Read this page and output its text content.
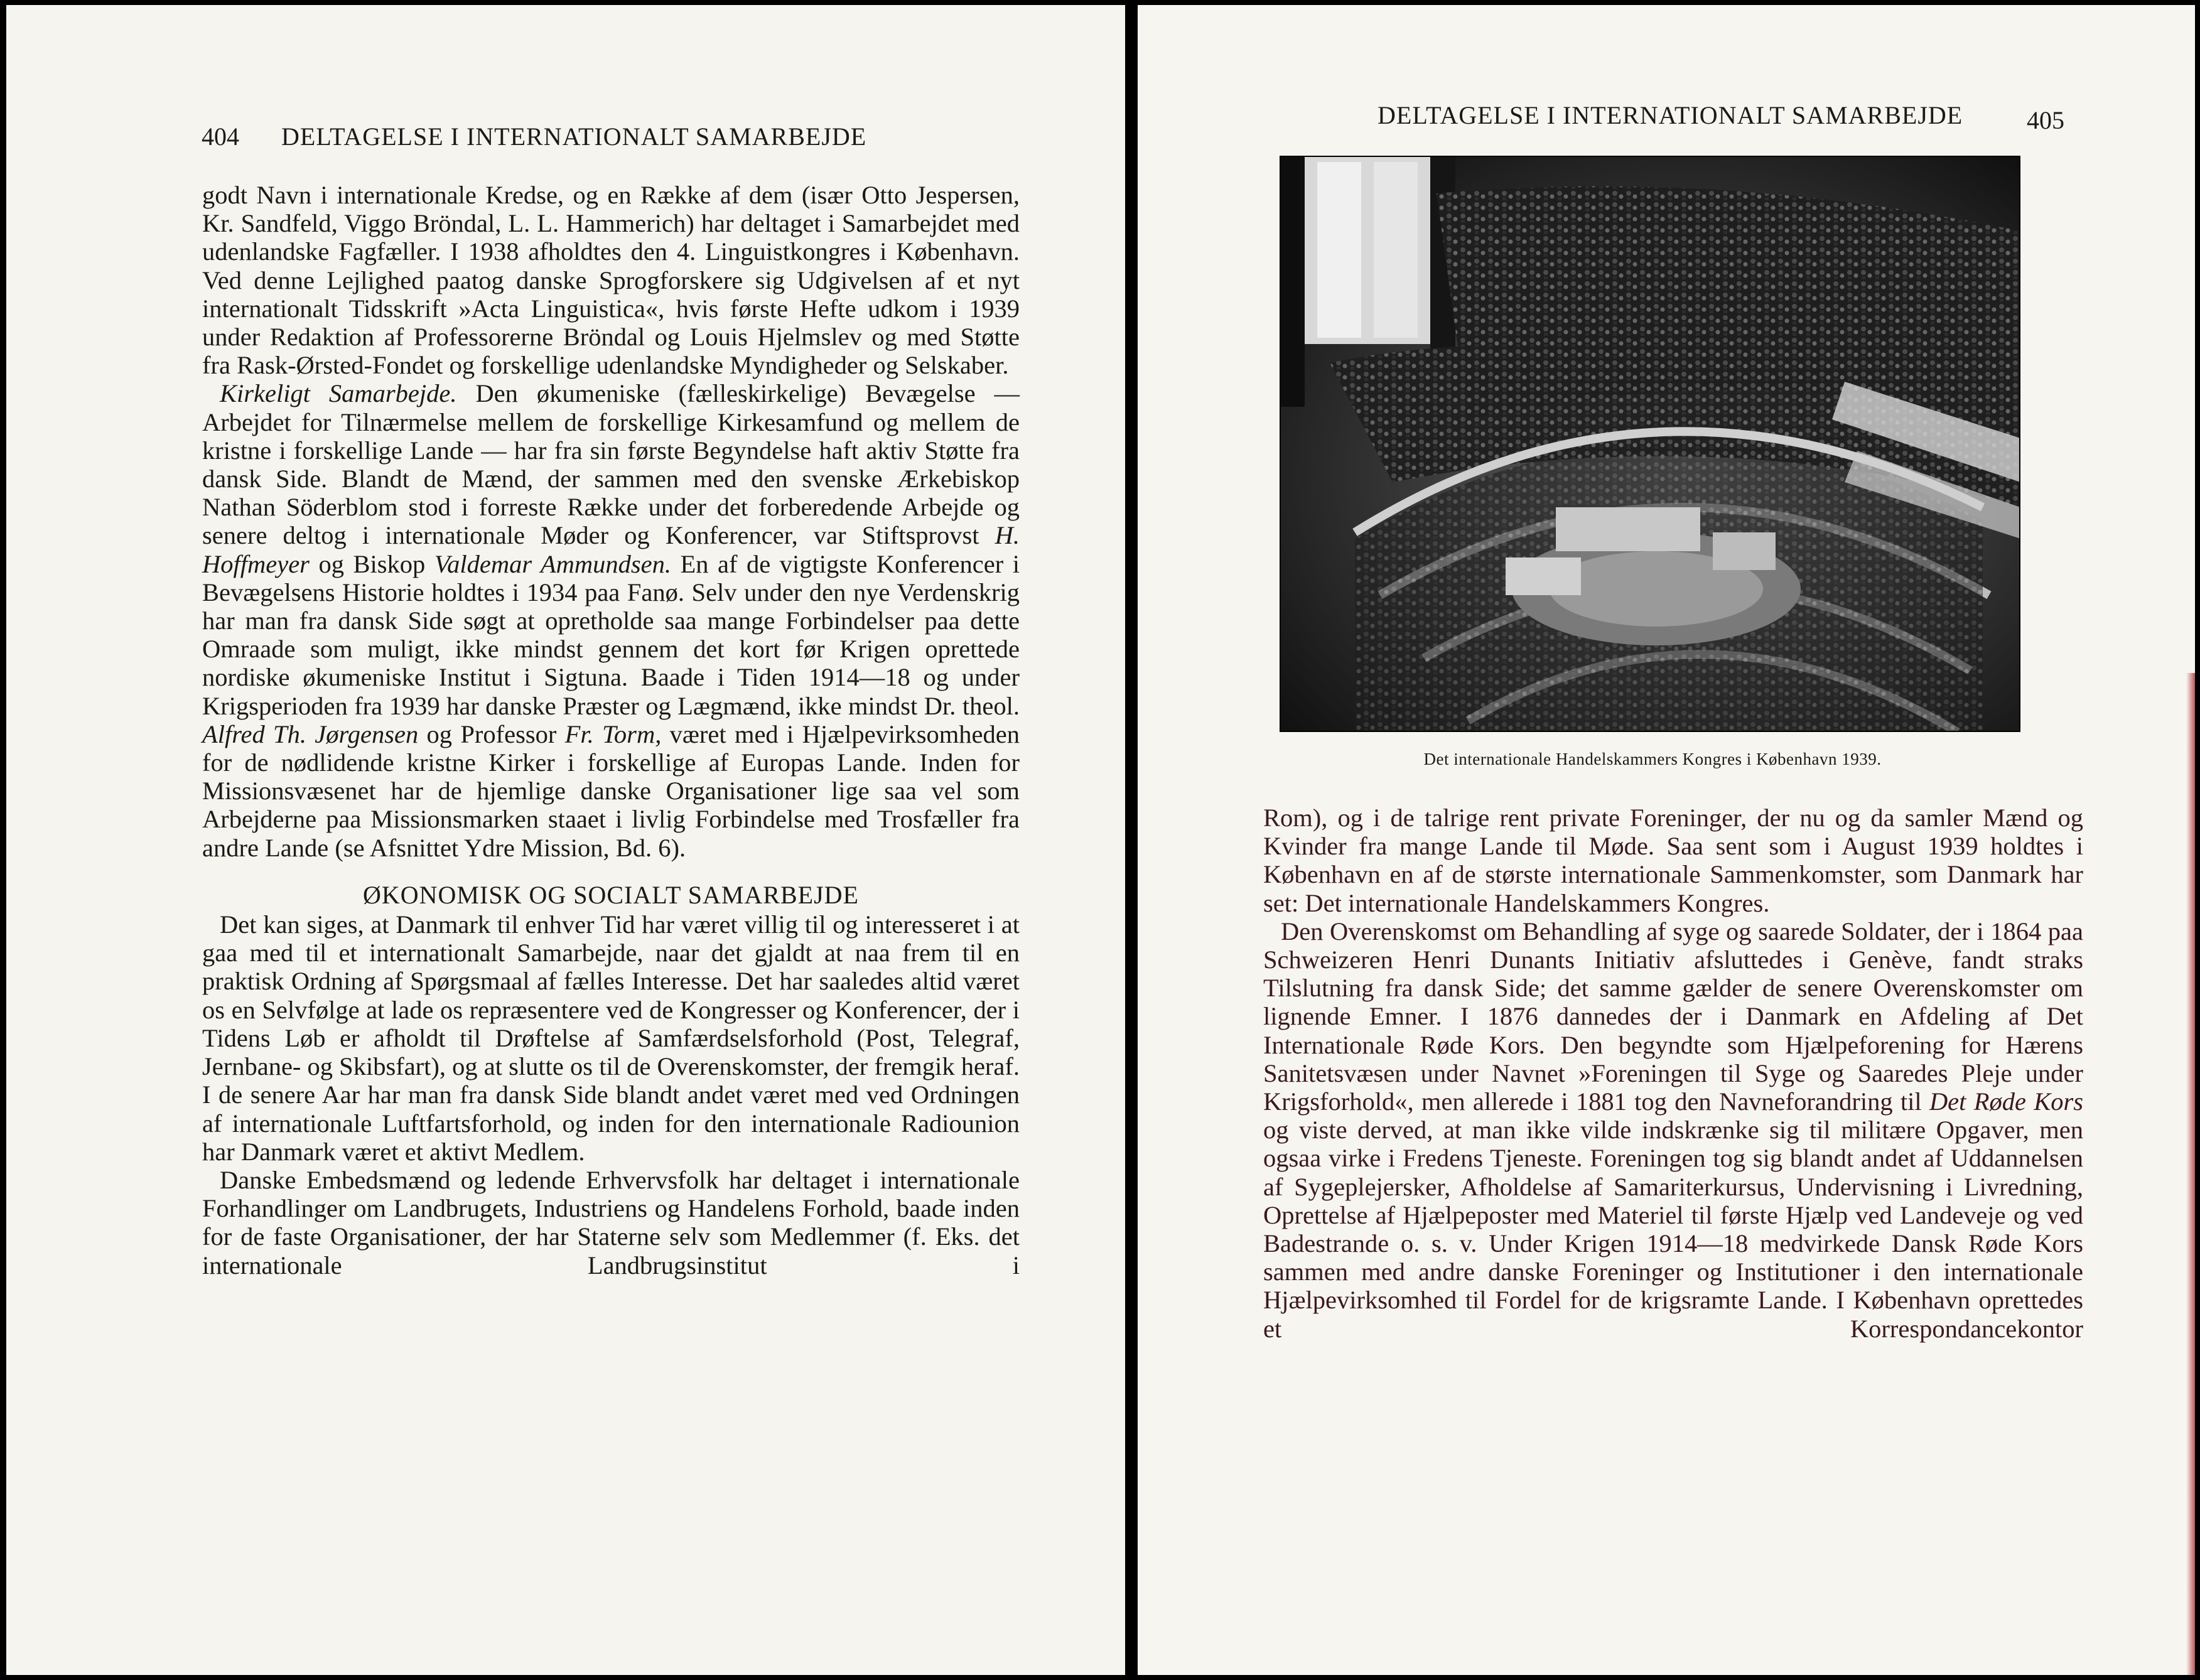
404 DELTAGELSE I INTERNATIONALT SAMARBEJDE

godt Navn i internationale Kredse, og en Række af dem (især Otto Jespersen, Kr. Sandfeld, Viggo Bröndal, L. L. Hammerich) har deltaget i Samarbejdet med udenlandske Fagfæller. I 1938 afholdtes den 4. Linguistkongres i København. Ved denne Lejlighed paatog danske Sprogforskere sig Udgivelsen af et nyt internationalt Tidsskrift »Acta Linguistica«, hvis første Hefte udkom i 1939 under Redaktion af Professorerne Bröndal og Louis Hjelmslev og med Støtte fra Rask-Ørsted-Fondet og forskellige udenlandske Myndigheder og Selskaber.

Kirkeligt Samarbejde. Den økumeniske (fælleskirkelige) Bevægelse — Arbejdet for Tilnærmelse mellem de forskellige Kirkesamfund og mellem de kristne i forskellige Lande — har fra sin første Begyndelse haft aktiv Støtte fra dansk Side. Blandt de Mænd, der sammen med den svenske Ærkebiskop Nathan Söderblom stod i forreste Række under det forberedende Arbejde og senere deltog i internationale Møder og Konferencer, var Stiftsprovst H. Hoffmeyer og Biskop Valdemar Ammundsen. En af de vigtigste Konferencer i Bevægelsens Historie holdtes i 1934 paa Fanø. Selv under den nye Verdenskrig har man fra dansk Side søgt at opretholde saa mange Forbindelser paa dette Omraade som muligt, ikke mindst gennem det kort før Krigen oprettede nordiske økumeniske Institut i Sigtuna. Baade i Tiden 1914—18 og under Krigsperioden fra 1939 har danske Præster og Lægmænd, ikke mindst Dr. theol. Alfred Th. Jørgensen og Professor Fr. Torm, været med i Hjælpevirksomheden for de nødlidende kristne Kirker i forskellige af Europas Lande. Inden for Missionsvæsenet har de hjemlige danske Organisationer lige saa vel som Arbejderne paa Missionsmarken staaet i livlig Forbindelse med Trosfæller fra andre Lande (se Afsnittet Ydre Mission, Bd. 6).

ØKONOMISK OG SOCIALT SAMARBEJDE

Det kan siges, at Danmark til enhver Tid har været villig til og interesseret i at gaa med til et internationalt Samarbejde, naar det gjaldt at naa frem til en praktisk Ordning af Spørgsmaal af fælles Interesse. Det har saaledes altid været os en Selvfølge at lade os repræsentere ved de Kongresser og Konferencer, der i Tidens Løb er afholdt til Drøftelse af Samfærdselsforhold (Post, Telegraf, Jernbane- og Skibsfart), og at slutte os til de Overenskomster, der fremgik heraf. I de senere Aar har man fra dansk Side blandt andet været med ved Ordningen af internationale Luftfartsforhold, og inden for den internationale Radiounion har Danmark været et aktivt Medlem.

Danske Embedsmænd og ledende Erhvervsfolk har deltaget i internationale Forhandlinger om Landbrugets, Industriens og Handelens Forhold, baade inden for de faste Organisationer, der har Staterne selv som Medlemmer (f. Eks. det internationale Landbrugsinstitut i

DELTAGELSE I INTERNATIONALT SAMARBEJDE	405
Det internationale Handelskammers Kongres i København 1939.

Rom), og i de talrige rent private Foreninger, der nu og da samler Mænd og Kvinder fra mange Lande til Møde. Saa sent som i August 1939 holdtes i København en af de største internationale Sammenkomster, som Danmark har set: Det internationale Handelskammers Kongres.

Den Overenskomst om Behandling af syge og saarede Soldater, der i 1864 paa Schweizeren Henri Dunants Initiativ afsluttedes i Genève, fandt straks Tilslutning fra dansk Side; det samme gælder de senere Overenskomster om lignende Emner. I 1876 dannedes der i Danmark en Afdeling af Det Internationale Røde Kors. Den begyndte som Hjælpeforening for Hærens Sanitetsvæsen under Navnet »Foreningen til Syge og Saaredes Pleje under Krigsforhold«, men allerede i 1881 tog den Navneforandring til Det Røde Kors og viste derved, at man ikke vilde indskrænke sig til militære Opgaver, men ogsaa virke i Fredens Tjeneste. Foreningen tog sig blandt andet af Uddannelsen af Sygeplejersker, Afholdelse af Samariterkursus, Undervisning i Livredning, Oprettelse af Hjælpeposter med Materiel til første Hjælp ved Landeveje og ved Badestrande o. s. v. Under Krigen 1914—18 medvirkede Dansk Røde Kors sammen med andre danske Foreninger og Institutioner i den internationale Hjælpevirksomhed til Fordel for de krigsramte Lande. I København oprettedes et Korrespondancekontor
